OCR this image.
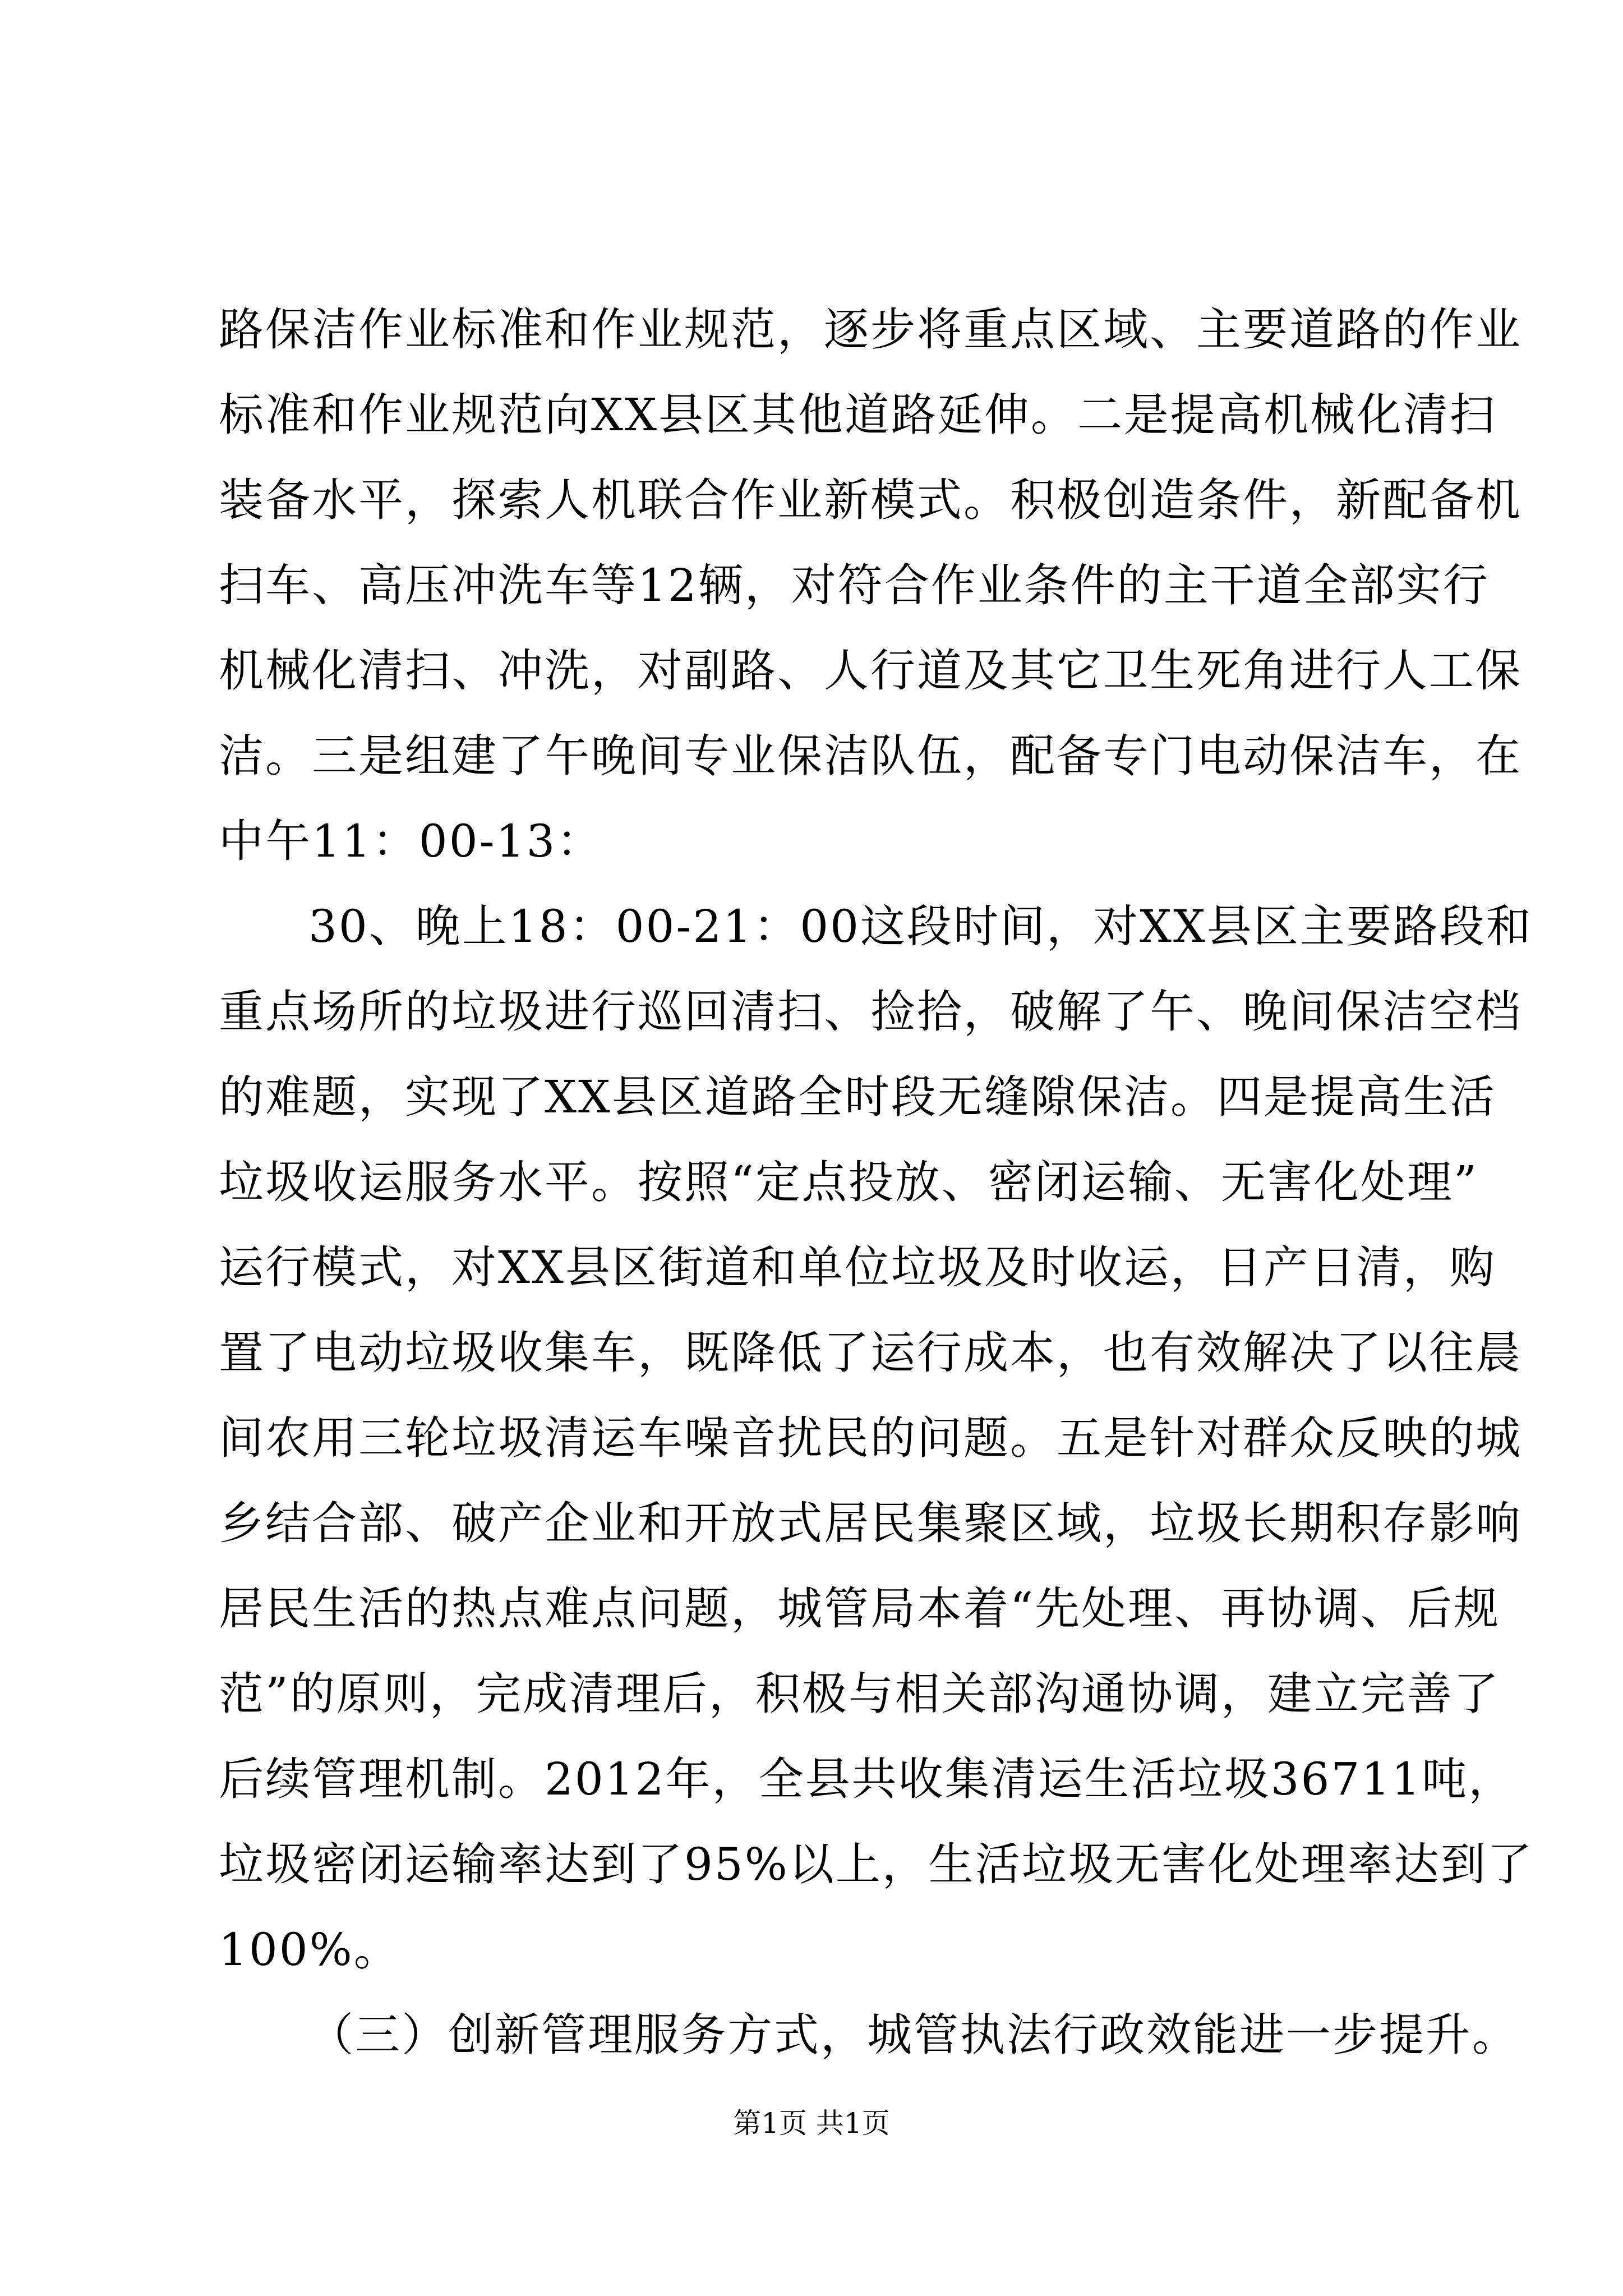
路保洁作业标准和作业规范，逐步将重点区域、主要道路的作业
标准和作业规范向XX县区其他道路延伸。二是提高机械化清扫
装备水平，探索人机联合作业新模式。积极创造条件，新配备机
扫车、高压冲洗车等12辆，对符合作业条件的主干道全部实行
机械化清扫、冲洗，对副路、人行道及其它卫生死角进行人工保
洁。三是组建了午晚间专业保洁队伍，配备专门电动保洁车，在
中午11：00-13：
30、晚上18：00-21：00这段时间，对XX县区主要路段和
重点场所的垃圾进行巡回清扫、捡拾，破解了午、晚间保洁空档
的难题，实现了XX县区道路全时段无缝隙保洁。四是提高生活
垃圾收运服务水平。按照“定点投放、密闭运输、无害化处理”
运行模式，对XX县区街道和单位垃圾及时收运，日产日清，购
置了电动垃圾收集车，既降低了运行成本，也有效解决了以往晨
间农用三轮垃圾清运车噪音扰民的问题。五是针对群众反映的城
乡结合部、破产企业和开放式居民集聚区域，垃圾长期积存影响
居民生活的热点难点问题，城管局本着“先处理、再协调、后规
范”的原则，完成清理后，积极与相关部沟通协调，建立完善了
后续管理机制。2012年，全县共收集清运生活垃圾36711吨，
垃圾密闭运输率达到了95%以上，生活垃圾无害化处理率达到了
100%。
（三）创新管理服务方式，城管执法行政效能进一步提升。
第1页 共1页
